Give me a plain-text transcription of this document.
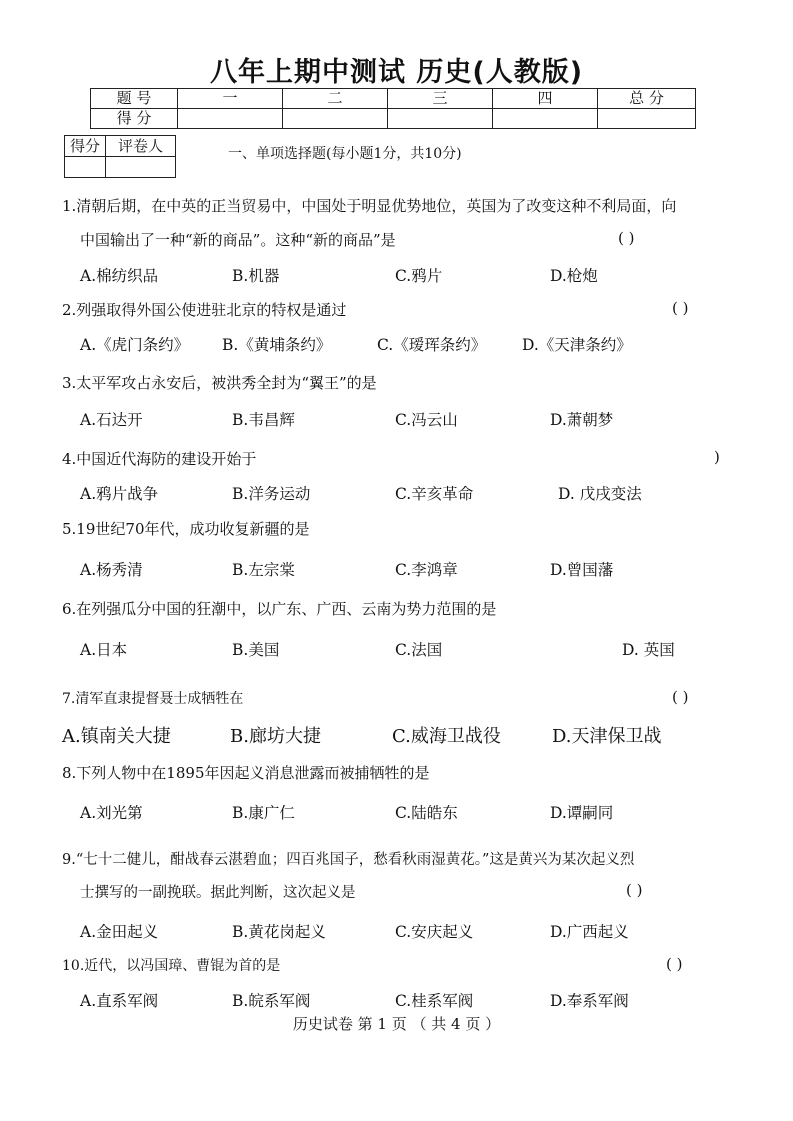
八年上期中测试 历史(人教版)
题 号	一	二	三	四	总 分
得 分					
得分	评卷人
		一、单项选择题(每小题1分，共10分)
1.清朝后期，在中英的正当贸易中，中国处于明显优势地位，英国为了改变这种不利局面，向
中国输出了一种“新的商品”。这种“新的商品”是	( )
A.棉纺织品	B.机器	C.鸦片	D.枪炮
2.列强取得外国公使进驻北京的特权是通过	( )
A.《虎门条约》 B.《黄埔条约》	C.《瑷珲条约》 D.《天津条约》
3.太平军攻占永安后，被洪秀全封为“翼王”的是
A.石达开	B.韦昌辉	C.冯云山	D.萧朝梦
4.中国近代海防的建设开始于	)
A.鸦片战争	B.洋务运动	C.辛亥革命	D. 戊戌变法
5.19世纪70年代，成功收复新疆的是
A.杨秀清	B.左宗棠	C.李鸿章	D.曾国藩
6.在列强瓜分中国的狂潮中，以广东、广西、云南为势力范围的是
A.日本	B.美国	C.法国	D. 英国
7.清军直隶提督聂士成牺牲在	( )
A.镇南关大捷	B.廊坊大捷	C.威海卫战役	D.天津保卫战
8.下列人物中在1895年因起义消息泄露而被捕牺牲的是
A.刘光第	B.康广仁	C.陆皓东	D.谭嗣同
9.“七十二健儿，酣战春云湛碧血；四百兆国子，愁看秋雨湿黄花。”这是黄兴为某次起义烈
士撰写的一副挽联。据此判断，这次起义是	( )
A.金田起义	B.黄花岗起义	C.安庆起义	D.广西起义
10.近代，以冯国璋、曹锟为首的是	( )
A.直系军阀	B.皖系军阀	C.桂系军阀	D.奉系军阀
历史试卷 第 1 页 （ 共 4 页 ）
